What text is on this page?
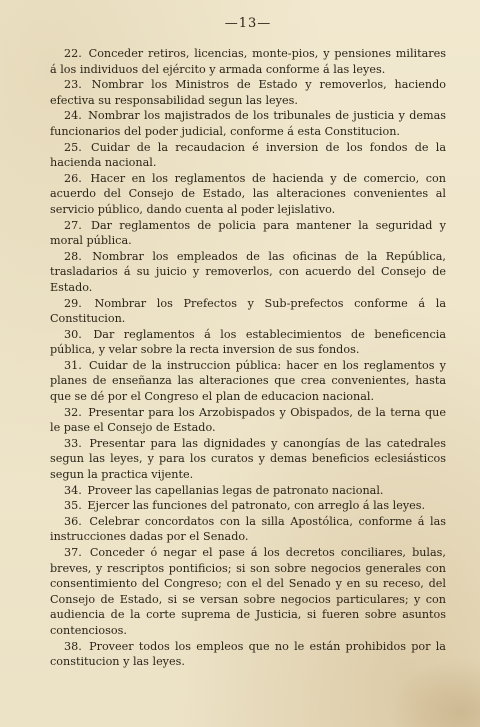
—13—

22. Conceder retiros, licencias, monte-pios, y pensiones militares á los individuos del ejército y armada conforme á las leyes.

23. Nombrar los Ministros de Estado y removerlos, haciendo efectiva su responsabilidad segun las leyes.

24. Nombrar los majistrados de los tribunales de justicia y demas funcionarios del poder judicial, conforme á esta Constitucion.

25. Cuidar de la recaudacion é inversion de los fondos de la hacienda nacional.

26. Hacer en los reglamentos de hacienda y de comercio, con acuerdo del Consejo de Estado, las alteraciones convenientes al servicio público, dando cuenta al poder lejislativo.

27. Dar reglamentos de policia para mantener la seguridad y moral pública.

28. Nombrar los empleados de las oficinas de la República, trasladarios á su juicio y removerlos, con acuerdo del Consejo de Estado.

29. Nombrar los Prefectos y Sub-prefectos conforme á la Constitucion.

30. Dar reglamentos á los establecimientos de beneficencia pública, y velar sobre la recta inversion de sus fondos.

31. Cuidar de la instruccion pública: hacer en los reglamentos y planes de enseñanza las alteraciones que crea convenientes, hasta que se dé por el Congreso el plan de educacion nacional.

32. Presentar para los Arzobispados y Obispados, de la terna que le pase el Consejo de Estado.

33. Presentar para las dignidades y canongías de las catedrales segun las leyes, y para los curatos y demas beneficios eclesiásticos segun la practica vijente.

34. Proveer las capellanias legas de patronato nacional.

35. Ejercer las funciones del patronato, con arreglo á las leyes.

36. Celebrar concordatos con la silla Apostólica, conforme á las instrucciones dadas por el Senado.

37. Conceder ó negar el pase á los decretos conciliares, bulas, breves, y rescriptos pontificios; si son sobre negocios generales con consentimiento del Congreso; con el del Senado y en su receso, del Consejo de Estado, si se versan sobre negocios particulares; y con audiencia de la corte suprema de Justicia, si fueren sobre asuntos contenciosos.

38. Proveer todos los empleos que no le están prohibidos por la constitucion y las leyes.
